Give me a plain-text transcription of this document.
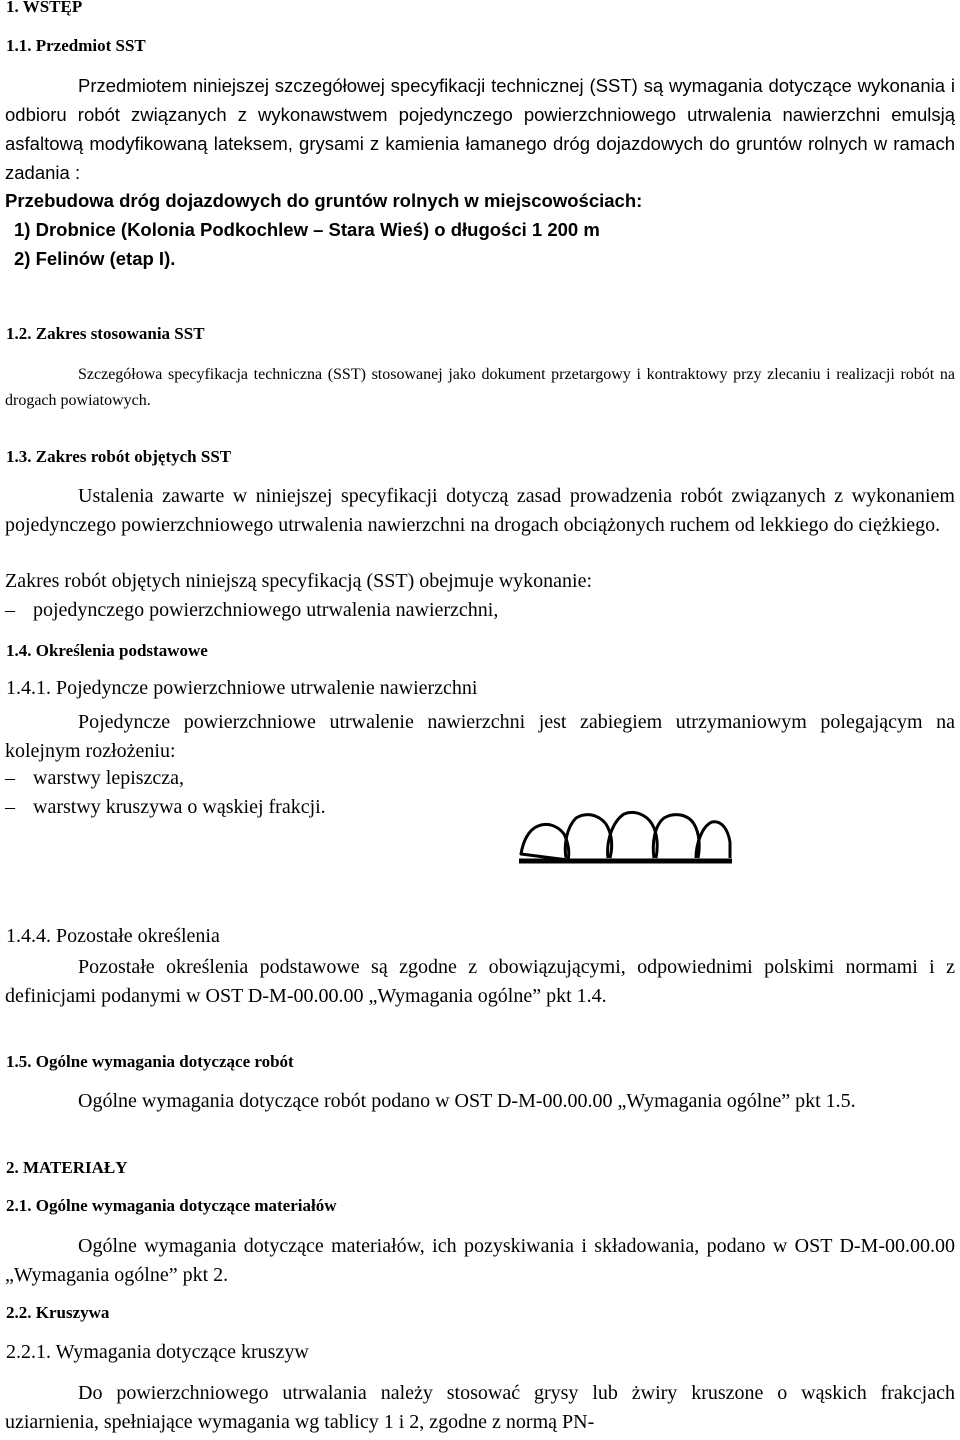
1. WSTĘP
1.1. Przedmiot SST
Przedmiotem niniejszej szczegółowej specyfikacji technicznej (SST) są wymagania dotyczące wykonania i odbioru robót związanych z wykonawstwem pojedynczego powierzchniowego utrwalenia nawierzchni emulsją asfaltową modyfikowaną lateksem, grysami z kamienia łamanego dróg dojazdowych do gruntów rolnych w ramach zadania :
Przebudowa dróg dojazdowych do gruntów rolnych w miejscowościach:
1) Drobnice (Kolonia Podkochlew – Stara Wieś) o długości 1 200 m
2) Felinów (etap I).
1.2. Zakres stosowania SST
Szczegółowa specyfikacja techniczna (SST) stosowanej jako dokument przetargowy i kontraktowy przy zlecaniu i realizacji robót na drogach powiatowych.
1.3. Zakres robót objętych SST
Ustalenia zawarte w niniejszej specyfikacji dotyczą zasad prowadzenia robót związanych z wykonaniem pojedynczego powierzchniowego utrwalenia nawierzchni na drogach obciążonych ruchem od lekkiego do ciężkiego.
Zakres robót objętych niniejszą specyfikacją (SST) obejmuje wykonanie:
– pojedynczego powierzchniowego utrwalenia nawierzchni,
1.4. Określenia podstawowe
1.4.1. Pojedyncze powierzchniowe utrwalenie nawierzchni
Pojedyncze powierzchniowe utrwalenie nawierzchni jest zabiegiem utrzymaniowym polegającym na kolejnym rozłożeniu:
– warstwy lepiszcza,
– warstwy kruszywa o wąskiej frakcji.
1.4.4. Pozostałe określenia
Pozostałe określenia podstawowe są zgodne z obowiązującymi, odpowiednimi polskimi normami i z definicjami podanymi w OST D-M-00.00.00 „Wymagania ogólne” pkt 1.4.
1.5. Ogólne wymagania dotyczące robót
Ogólne wymagania dotyczące robót podano w OST D-M-00.00.00 „Wymagania ogólne” pkt 1.5.
2. MATERIAŁY
2.1. Ogólne wymagania dotyczące materiałów
Ogólne wymagania dotyczące materiałów, ich pozyskiwania i składowania, podano w OST D-M-00.00.00 „Wymagania ogólne” pkt 2.
2.2. Kruszywa
2.2.1. Wymagania dotyczące kruszyw
Do powierzchniowego utrwalania należy stosować grysy lub żwiry kruszone o wąskich frakcjach uziarnienia, spełniające wymagania wg tablicy 1 i 2, zgodne z normą PN-
